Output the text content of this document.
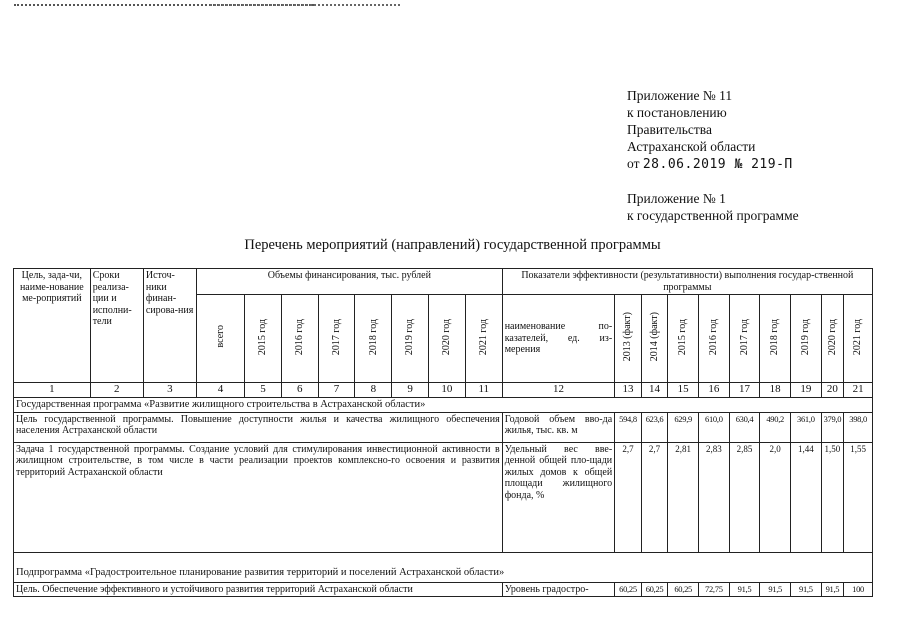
Приложение № 11
к постановлению
Правительства
Астраханской области
от 28.06.2019 № 219-П
Приложение № 1
к государственной программе
Перечень мероприятий (направлений) государственной программы
Цель, зада-чи, наиме-нование ме-роприятий	Сроки реализа-ции и исполни-тели	Источ-ники финан-сирова-ния	Объемы финансирования, тыс. рублей								Показатели эффективности (результативности) выполнения государ-ственной программы									
			всего	2015 год	2016 год	2017 год	2018 год	2019 год	2020 год	2021 год	наименование по-казателей, ед. из-мерения	2013 (факт)	2014 (факт)	2015 год	2016 год	2017 год	2018 год	2019 год	2020 год	2021 год
1	2	3	4	5	6	7	8	9	10	11	12	13	14	15	16	17	18	19	20	21
Государственная программа «Развитие жилищного строительства в Астраханской области»																				
Цель государственной программы. Повышение доступности жилья и качества жилищного обеспечения населения Астраханской области											Годовой объем вво-да жилья, тыс. кв. м	594,8	623,6	629,9	610,0	630,4	490,2	361,0	379,0	398,0
Задача 1 государственной программы. Создание условий для стимулирования инвестиционной активности в жилищном строительстве, в том числе в части реализации проектов комплексно-го освоения и развития территорий Астраханской области											Удельный вес вве-денной общей пло-щади жилых домов к общей площади жилищного фонда, %	2,7	2,7	2,81	2,83	2,85	2,0	1,44	1,50	1,55
Подпрограмма «Градостроительное планирование развития территорий и поселений Астраханской области»																				
Цель. Обеспечение эффективного и устойчивого развития территорий Астраханской области											Уровень градостро-	60,25	60,25	60,25	72,75	91,5	91,5	91,5	91,5	100
